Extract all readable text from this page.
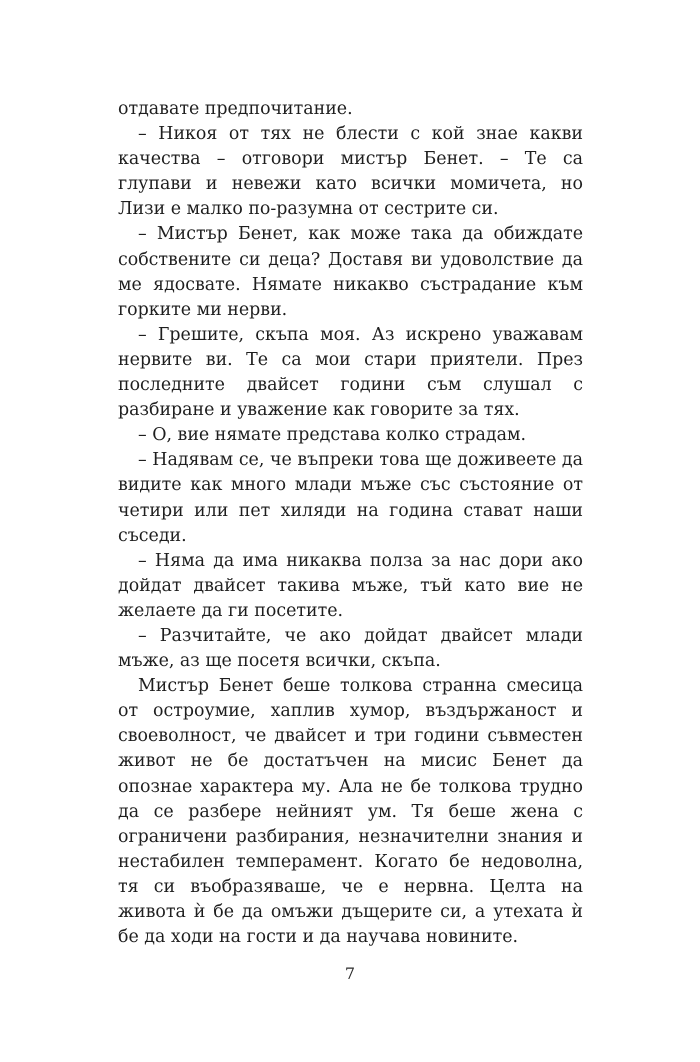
отдавате предпочитание.

– Никоя от тях не блести с кой знае какви качества – отговори мистър Бенет. – Те са глупави и невежи като всички момичета, но Лизи е малко по-разумна от сестрите си.

– Мистър Бенет, как може така да обиждате собствените си деца? Доставя ви удоволствие да ме ядосвате. Нямате никакво състрадание към горките ми нерви.

– Грешите, скъпа моя. Аз искрено уважавам нервите ви. Те са мои стари приятели. През последните двайсет години съм слушал с разбиране и уважение как говорите за тях.

– О, вие нямате представа колко страдам.

– Надявам се, че въпреки това ще доживеете да видите как много млади мъже със състояние от четири или пет хиляди на година стават наши съседи.

– Няма да има никаква полза за нас дори ако дойдат двайсет такива мъже, тъй като вие не желаете да ги посетите.

– Разчитайте, че ако дойдат двайсет млади мъже, аз ще посетя всички, скъпа.

Мистър Бенет беше толкова странна смесица от остроумие, хаплив хумор, въздържаност и своеволност, че двайсет и три години съвместен живот не бе достатъчен на мисис Бенет да опознае характера му. Ала не бе толкова трудно да се разбере нейният ум. Тя беше жена с ограничени разбирания, незначителни знания и нестабилен темперамент. Когато бе недоволна, тя си въобразяваше, че е нервна. Целта на живота ѝ бе да омъжи дъщерите си, а утехата ѝ бе да ходи на гости и да научава новините.

7
